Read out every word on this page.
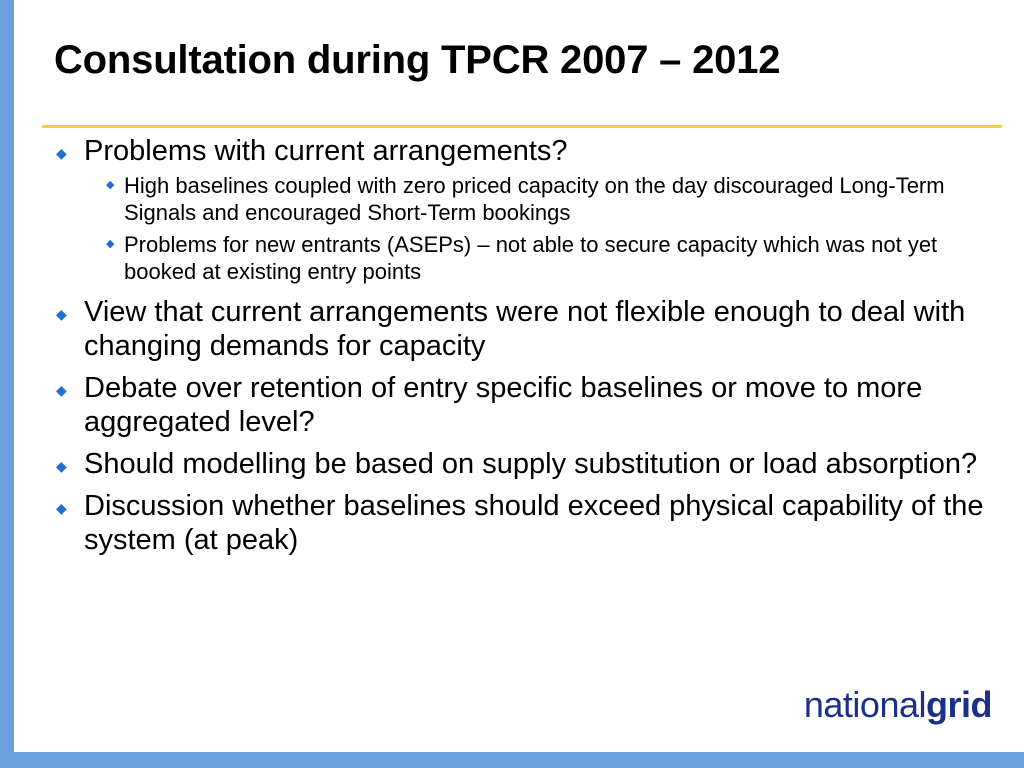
Consultation during TPCR 2007 – 2012
◆ Problems with current arrangements?
◆ High baselines coupled with zero priced capacity on the day discouraged Long-Term Signals and encouraged Short-Term bookings
◆ Problems for new entrants (ASEPs) – not able to secure capacity which was not yet booked at existing entry points
◆ View that current arrangements were not flexible enough to deal with changing demands for capacity
◆ Debate over retention of entry specific baselines or move to more aggregated level?
◆ Should modelling be based on supply substitution or load absorption?
◆ Discussion whether baselines should exceed physical capability of the system (at peak)
nationalgrid
